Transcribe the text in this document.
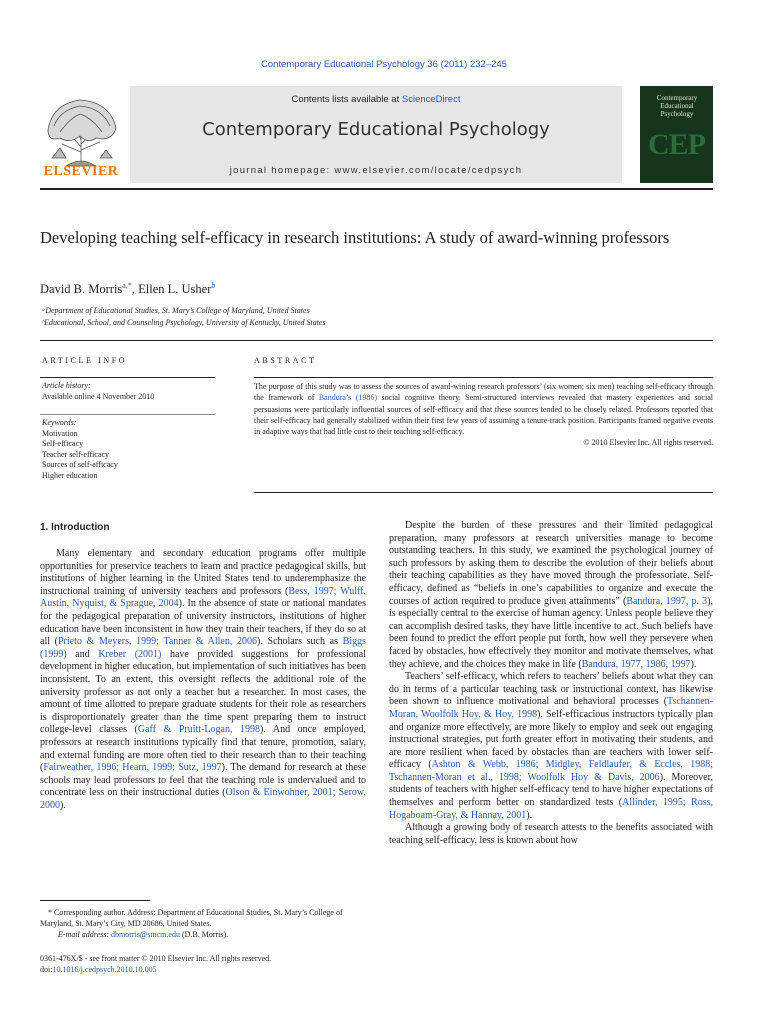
Contemporary Educational Psychology 36 (2011) 232–245
Contents lists available at ScienceDirect
Contemporary Educational Psychology
journal homepage: www.elsevier.com/locate/cedpsych
ELSEVIER
Contemporary Educational Psychology
CEP
Developing teaching self-efficacy in research institutions: A study of award-winning professors
David B. Morris$^{a,*}$, Ellen L. Usher$^b$
ᵃDepartment of Educational Studies, St. Mary’s College of Maryland, United States
ᵇEducational, School, and Counseling Psychology, University of Kentucky, United States
ARTICLE INFO
Article history:
Available online 4 November 2010
Keywords:
Motivation
Self-efficacy
Teacher self-efficacy
Sources of self-efficacy
Higher education
ABSTRACT
The purpose of this study was to assess the sources of award-wining research professors’ (six women; six men) teaching self-efficacy through the framework of Bandura’s (1986) social cognitive theory. Semi-structured interviews revealed that mastery experiences and social persuasions were particularly influential sources of self-efficacy and that these sources tended to be closely related. Professors reported that their self-efficacy had generally stabilized within their first few years of assuming a tenure-track position. Participants framed negative events in adaptive ways that had little cost to their teaching self-efficacy.
© 2010 Elsevier Inc. All rights reserved.
1. Introduction

Many elementary and secondary education programs offer multiple opportunities for preservice teachers to learn and practice pedagogical skills, but institutions of higher learning in the United States tend to underemphasize the instructional training of university teachers and professors (Bess, 1997; Wulff, Austin, Nyquist, & Sprague, 2004). In the absence of state or national mandates for the pedagogical preparation of university instructors, institutions of higher education have been inconsistent in how they train their teachers, if they do so at all (Prieto & Meyers, 1999; Tanner & Allen, 2006). Scholars such as Biggs (1999) and Kreber (2001) have provided suggestions for professional development in higher education, but implementation of such initiatives has been inconsistent. To an extent, this oversight reflects the additional role of the university professor as not only a teacher but a researcher. In most cases, the amount of time allotted to prepare graduate students for their role as researchers is disproportionately greater than the time spent preparing them to instruct college-level classes (Gaff & Pruitt-Logan, 1998). And once employed, professors at research institutions typically find that tenure, promotion, salary, and external funding are more often tied to their research than to their teaching (Fairweather, 1996; Hearn, 1999; Sutz, 1997). The demand for research at these schools may lead professors to feel that the teaching role is undervalued and to concentrate less on their instructional duties (Olson & Einwohner, 2001; Serow, 2000).

Despite the burden of these pressures and their limited pedagogical preparation, many professors at research universities manage to become outstanding teachers. In this study, we examined the psychological journey of such professors by asking them to describe the evolution of their beliefs about their teaching capabilities as they have moved through the professoriate. Self-efficacy, defined as “beliefs in one’s capabilities to organize and execute the courses of action required to produce given attainments” (Bandura, 1997, p. 3), is especially central to the exercise of human agency. Unless people believe they can accomplish desired tasks, they have little incentive to act. Such beliefs have been found to predict the effort people put forth, how well they persevere when faced by obstacles, how effectively they monitor and motivate themselves, what they achieve, and the choices they make in life (Bandura, 1977, 1986, 1997).

Teachers’ self-efficacy, which refers to teachers’ beliefs about what they can do in terms of a particular teaching task or instructional context, has likewise been shown to influence motivational and behavioral processes (Tschannen-Moran, Woolfolk Hoy, & Hoy, 1998). Self-efficacious instructors typically plan and organize more effectively, are more likely to employ and seek out engaging instructional strategies, put forth greater effort in motivating their students, and are more resilient when faced by obstacles than are teachers with lower self-efficacy (Ashton & Webb, 1986; Midgley, Feldlaufer, & Eccles, 1988; Tschannen-Moran et al., 1998; Woolfolk Hoy & Davis, 2006). Moreover, students of teachers with higher self-efficacy tend to have higher expectations of themselves and perform better on standardized tests (Allinder, 1995; Ross, Hogaboam-Gray, & Hannay, 2001).

Although a growing body of research attests to the benefits associated with teaching self-efficacy, less is known about how

* Corresponding author. Address: Department of Educational Studies, St. Mary’s College of Maryland, St. Mary’s City, MD 20686, United States.
E-mail address: dbmorris@smcm.edu (D.B. Morris).
0361-476X/$ - see front matter © 2010 Elsevier Inc. All rights reserved.
doi:10.1016/j.cedpsych.2010.10.005
